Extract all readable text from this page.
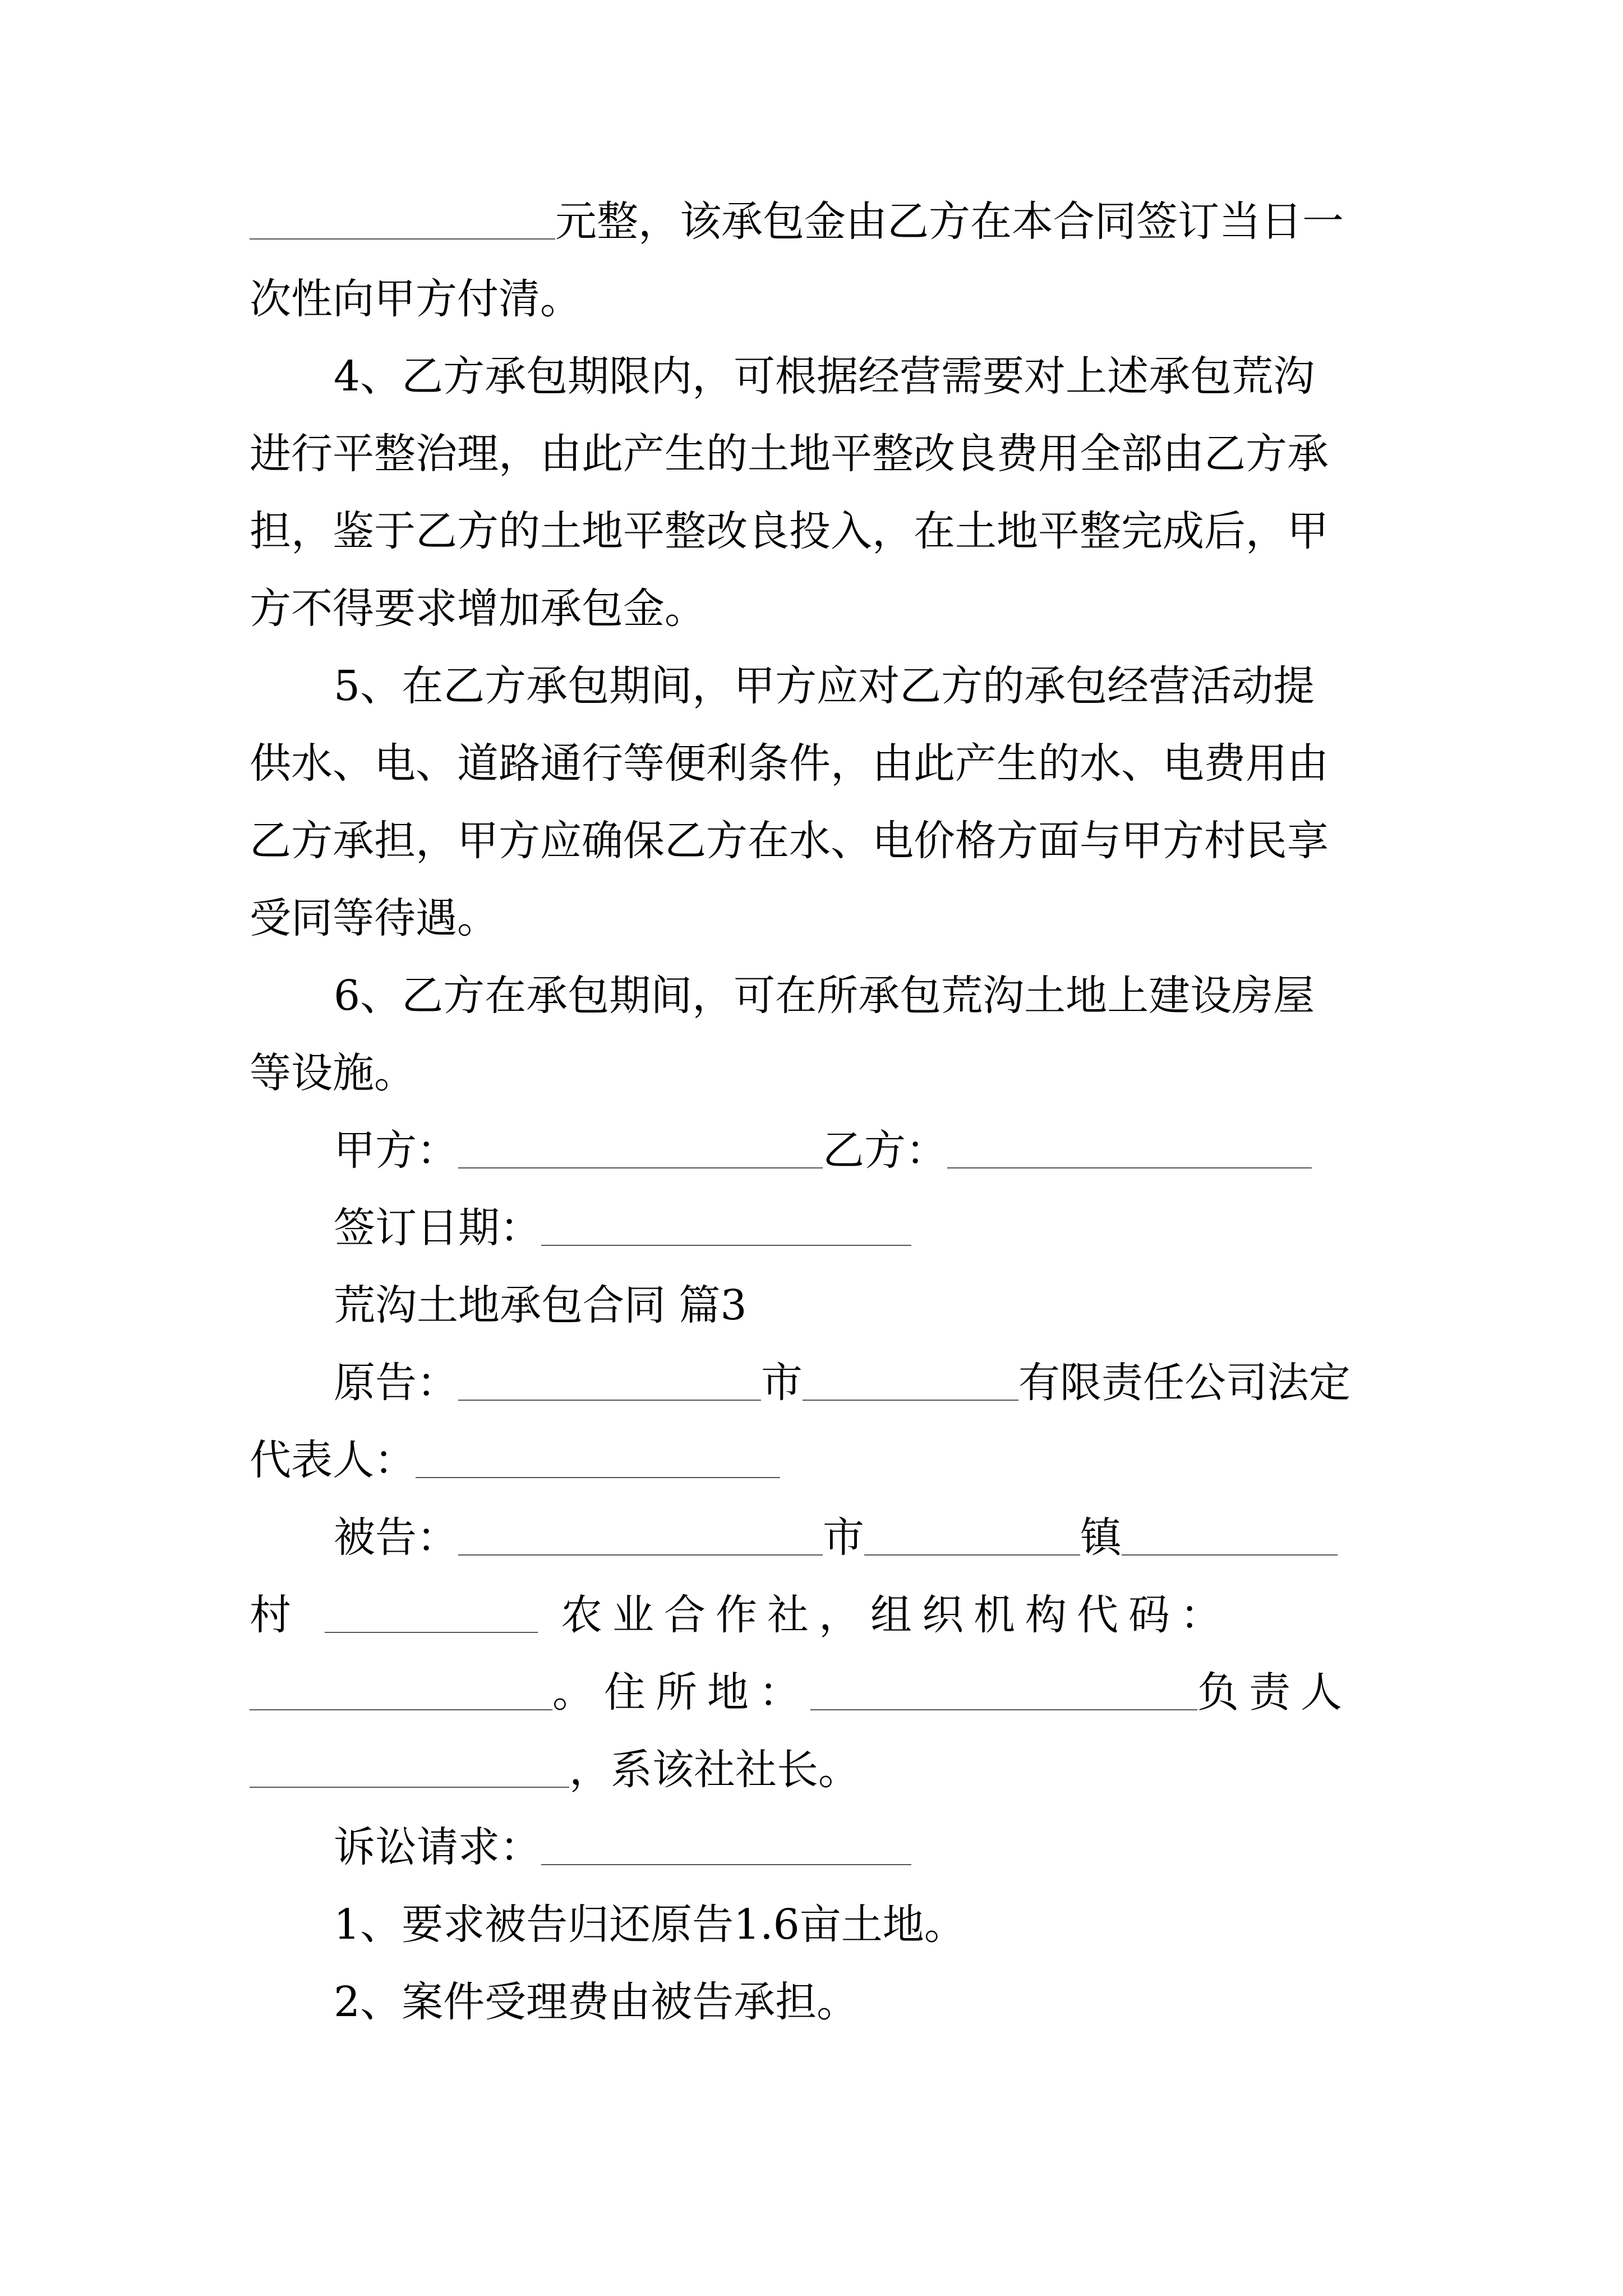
元整，该承包金由乙方在本合同签订当日一
次性向甲方付清。
4、乙方承包期限内，可根据经营需要对上述承包荒沟
进行平整治理，由此产生的土地平整改良费用全部由乙方承
担，鉴于乙方的土地平整改良投入，在土地平整完成后，甲
方不得要求增加承包金。
5、在乙方承包期间，甲方应对乙方的承包经营活动提
供水、电、道路通行等便利条件，由此产生的水、电费用由
乙方承担，甲方应确保乙方在水、电价格方面与甲方村民享
受同等待遇。
6、乙方在承包期间，可在所承包荒沟土地上建设房屋
等设施。
甲方：	乙方：
签订日期：
荒沟土地承包合同 篇3
原告：	市	有限责任公司法定
代表人：
被告：	市	镇
村	农业合作社，组织机构代码：
。住所地：	负责人
，系该社社长。
诉讼请求：
1、要求被告归还原告1.6亩土地。
2、案件受理费由被告承担。
